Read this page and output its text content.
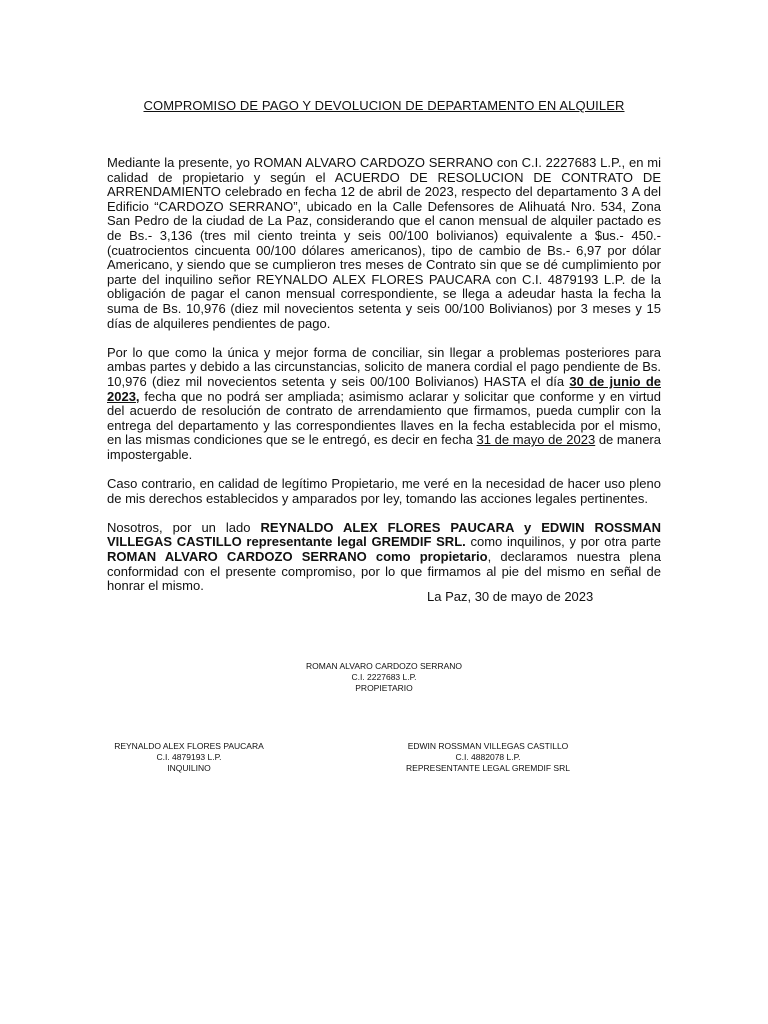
COMPROMISO DE PAGO Y DEVOLUCION DE DEPARTAMENTO EN ALQUILER

Mediante la presente, yo ROMAN ALVARO CARDOZO SERRANO con C.I. 2227683 L.P., en mi calidad de propietario y según el ACUERDO DE RESOLUCION DE CONTRATO DE ARRENDAMIENTO celebrado en fecha 12 de abril de 2023, respecto del departamento 3 A del Edificio “CARDOZO SERRANO”, ubicado en la Calle Defensores de Alihuatá Nro. 534, Zona San Pedro de la ciudad de La Paz, considerando que el canon mensual de alquiler pactado es de Bs.- 3,136 (tres mil ciento treinta y seis 00/100 bolivianos) equivalente a $us.- 450.- (cuatrocientos cincuenta 00/100 dólares americanos), tipo de cambio de Bs.- 6,97 por dólar Americano, y siendo que se cumplieron tres meses de Contrato sin que se dé cumplimiento por parte del inquilino señor REYNALDO ALEX FLORES PAUCARA con C.I. 4879193 L.P. de la obligación de pagar el canon mensual correspondiente, se llega a adeudar hasta la fecha la suma de Bs. 10,976 (diez mil novecientos setenta y seis 00/100 Bolivianos) por 3 meses y 15 días de alquileres pendientes de pago.

Por lo que como la única y mejor forma de conciliar, sin llegar a problemas posteriores para ambas partes y debido a las circunstancias, solicito de manera cordial el pago pendiente de Bs. 10,976 (diez mil novecientos setenta y seis 00/100 Bolivianos) HASTA el día 30 de junio de 2023, fecha que no podrá ser ampliada; asimismo aclarar y solicitar que conforme y en virtud del acuerdo de resolución de contrato de arrendamiento que firmamos, pueda cumplir con la entrega del departamento y las correspondientes llaves en la fecha establecida por el mismo, en las mismas condiciones que se le entregó, es decir en fecha 31 de mayo de 2023 de manera impostergable.

Caso contrario, en calidad de legítimo Propietario, me veré en la necesidad de hacer uso pleno de mis derechos establecidos y amparados por ley, tomando las acciones legales pertinentes.

Nosotros, por un lado REYNALDO ALEX FLORES PAUCARA y EDWIN ROSSMAN VILLEGAS CASTILLO representante legal GREMDIF SRL. como inquilinos, y por otra parte ROMAN ALVARO CARDOZO SERRANO como propietario, declaramos nuestra plena conformidad con el presente compromiso, por lo que firmamos al pie del mismo en señal de honrar el mismo.

La Paz, 30 de mayo de 2023
ROMAN ALVARO CARDOZO SERRANO
C.I. 2227683 L.P.
PROPIETARIO
REYNALDO ALEX FLORES PAUCARA
C.I. 4879193 L.P.
INQUILINO
EDWIN ROSSMAN VILLEGAS CASTILLO
C.I. 4882078 L.P.
REPRESENTANTE LEGAL GREMDIF SRL
